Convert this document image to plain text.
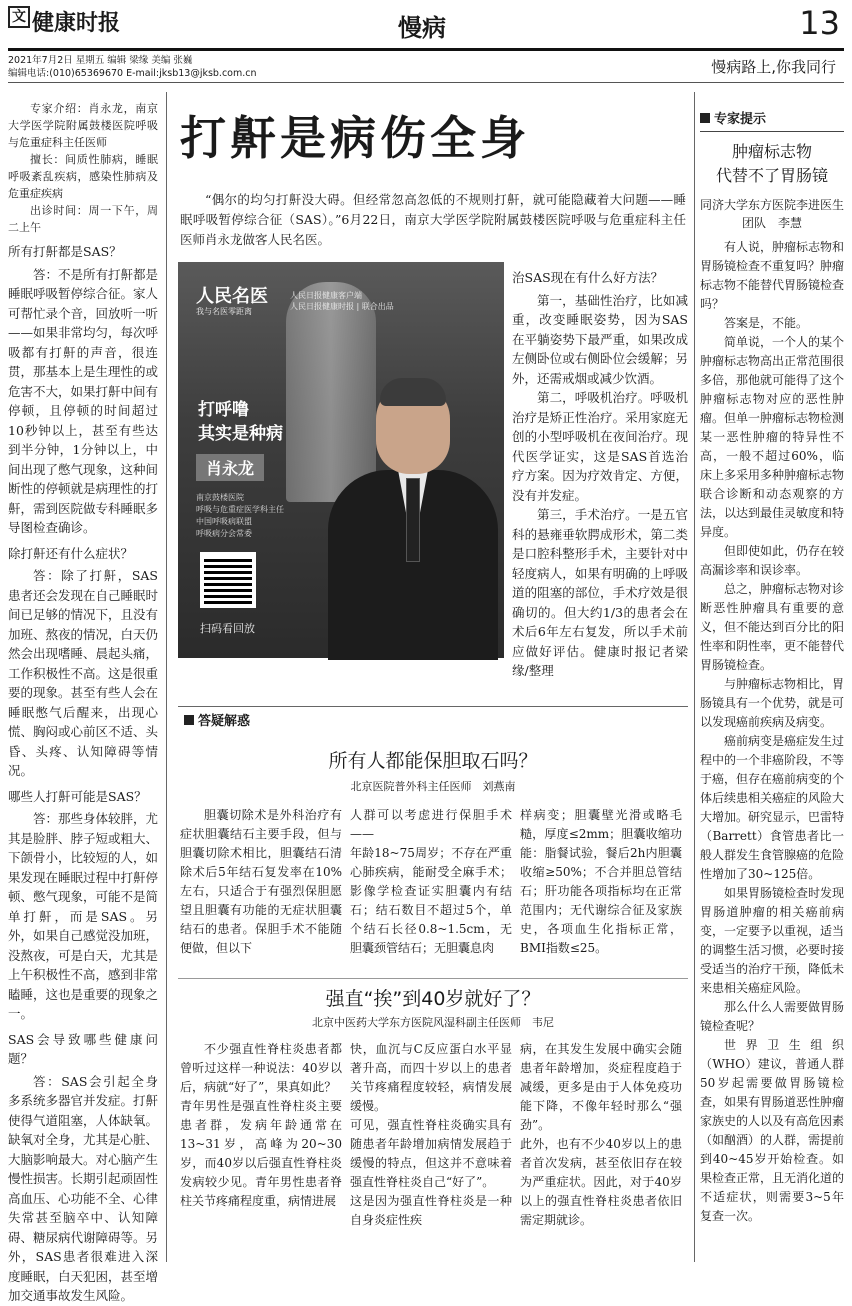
文 健康时报	慢病	13
2021年7月2日 星期五 编辑 梁缘 美编 张巍
编辑电话:(010)65369670 E-mail:jksb13@jksb.com.cn	慢病路上,你我同行

专家介绍：肖永龙，南京大学医学院附属鼓楼医院呼吸与危重症科主任医师

擅长：间质性肺病，睡眠呼吸紊乱疾病，感染性肺病及危重症疾病

出诊时间：周一下午，周二上午

所有打鼾都是SAS？

答：不是所有打鼾都是睡眠呼吸暂停综合征。家人可帮忙录个音，回放听一听——如果非常均匀，每次呼吸都有打鼾的声音，很连贯，那基本上是生理性的或危害不大，如果打鼾中间有停顿，且停顿的时间超过10秒钟以上，甚至有些达到半分钟，1分钟以上，中间出现了憋气现象，这种间断性的停顿就是病理性的打鼾，需到医院做专科睡眠多导图检查确诊。

除打鼾还有什么症状？

答：除了打鼾，SAS患者还会发现在自己睡眠时间已足够的情况下，且没有加班、熬夜的情况，白天仍然会出现嗜睡、晨起头痛，工作积极性不高。这是很重要的现象。甚至有些人会在睡眠憋气后醒来，出现心慌、胸闷或心前区不适、头昏、头疼、认知障碍等情况。

哪些人打鼾可能是SAS？

答：那些身体较胖，尤其是脸胖、脖子短或粗大、下颌骨小，比较短的人，如果发现在睡眠过程中打鼾停顿、憋气现象，可能不是简单打鼾，而是SAS。另外，如果自己感觉没加班，没熬夜，可是白天，尤其是上午积极性不高，感到非常瞌睡，这也是重要的现象之一。

SAS会导致哪些健康问题？

答：SAS会引起全身多系统多器官并发症。打鼾使得气道阻塞，人体缺氧。缺氧对全身，尤其是心脏、大脑影响最大。对心脑产生慢性损害。长期引起顽固性高血压、心功能不全、心律失常甚至脑卒中、认知障碍、糖尿病代谢障碍等。另外，SAS患者很难进入深度睡眠，白天犯困，甚至增加交通事故发生风险。

打鼾是病伤全身
“偶尔的均匀打鼾没大碍。但经常忽高忽低的不规则打鼾，就可能隐藏着大问题——睡眠呼吸暂停综合征（SAS）。”6月22日，南京大学医学院附属鼓楼医院呼吸与危重症科主任医师肖永龙做客人民名医。
人民名医
我与名医零距离
人民日报健康客户端
人民日报健康时报 | 联合出品
打呼噜
其实是种病
肖永龙
南京鼓楼医院
呼吸与危重症医学科主任
中国呼吸病联盟
呼吸病分会常委
扫码看回放

治SAS现在有什么好方法？

第一，基础性治疗，比如减重，改变睡眠姿势，因为SAS在平躺姿势下最严重，如果改成左侧卧位或右侧卧位会缓解；另外，还需戒烟或减少饮酒。

第二，呼吸机治疗。呼吸机治疗是矫正性治疗。采用家庭无创的小型呼吸机在夜间治疗。现代医学证实，这是SAS首选治疗方案。因为疗效肯定、方便，没有并发症。

第三，手术治疗。一是五官科的悬雍垂软腭成形术，第二类是口腔科整形手术，主要针对中轻度病人，如果有明确的上呼吸道的阻塞的部位，手术疗效是很确切的。但大约1/3的患者会在术后6年左右复发，所以手术前应做好评估。健康时报记者梁缘/整理

答疑解惑
所有人都能保胆取石吗？
北京医院普外科主任医师　刘燕南

胆囊切除术是外科治疗有症状胆囊结石主要手段，但与胆囊切除术相比，胆囊结石清除术后5年结石复发率在10%左右，只适合于有强烈保胆愿望且胆囊有功能的无症状胆囊结石的患者。保胆手术不能随便做，但以下

人群可以考虑进行保胆手术——
年龄18~75周岁；不存在严重心肺疾病，能耐受全麻手术；影像学检查证实胆囊内有结石；结石数目不超过5个，单个结石长径0.8~1.5cm，无胆囊颈管结石；无胆囊息肉

样病变；胆囊壁光滑或略毛糙，厚度≤2mm；胆囊收缩功能：脂餐试验，餐后2h内胆囊收缩≥50%；不合并胆总管结石；肝功能各项指标均在正常范围内；无代谢综合征及家族史，各项血生化指标正常，BMI指数≤25。

强直“挨”到40岁就好了？
北京中医药大学东方医院风湿科副主任医师　韦尼

不少强直性脊柱炎患者都曾听过这样一种说法：40岁以后，病就“好了”，果真如此？
青年男性是强直性脊柱炎主要患者群，发病年龄通常在13~31岁，高峰为20~30岁，而40岁以后强直性脊柱炎发病较少见。青年男性患者脊柱关节疼痛程度重，病情进展

快，血沉与C反应蛋白水平显著升高，而四十岁以上的患者关节疼痛程度较轻，病情发展缓慢。
可见，强直性脊柱炎确实具有随患者年龄增加病情发展趋于缓慢的特点，但这并不意味着强直性脊柱炎自己“好了”。
这是因为强直性脊柱炎是一种自身炎症性疾

病，在其发生发展中确实会随患者年龄增加，炎症程度趋于减缓，更多是由于人体免疫功能下降，不像年轻时那么“强劲”。
此外，也有不少40岁以上的患者首次发病，甚至依旧存在较为严重症状。因此，对于40岁以上的强直性脊柱炎患者依旧需定期就诊。

专家提示
肿瘤标志物
代替不了胃肠镜
同济大学东方医院李进医生团队　李慧

有人说，肿瘤标志物和胃肠镜检查不重复吗？肿瘤标志物不能替代胃肠镜检查吗？

答案是，不能。

简单说，一个人的某个肿瘤标志物高出正常范围很多倍，那他就可能得了这个肿瘤标志物对应的恶性肿瘤。但单一肿瘤标志物检测某一恶性肿瘤的特异性不高，一般不超过60%，临床上多采用多种肿瘤标志物联合诊断和动态观察的方法，以达到最佳灵敏度和特异度。

但即使如此，仍存在较高漏诊率和误诊率。

总之，肿瘤标志物对诊断恶性肿瘤具有重要的意义，但不能达到百分比的阳性率和阴性率，更不能替代胃肠镜检查。

与肿瘤标志物相比，胃肠镜具有一个优势，就是可以发现癌前疾病及病变。

癌前病变是癌症发生过程中的一个非癌阶段，不等于癌，但存在癌前病变的个体后续患相关癌症的风险大大增加。研究显示，巴雷特（Barrett）食管患者比一般人群发生食管腺癌的危险性增加了30~125倍。

如果胃肠镜检查时发现胃肠道肿瘤的相关癌前病变，一定要予以重视，适当的调整生活习惯，必要时接受适当的治疗干预，降低未来患相关癌症风险。

那么什么人需要做胃肠镜检查呢？

世界卫生组织（WHO）建议，普通人群50岁起需要做胃肠镜检查，如果有胃肠道恶性肿瘤家族史的人以及有高危因素（如酗酒）的人群，需提前到40~45岁开始检查。如果检查正常，且无消化道的不适症状，则需要3~5年复查一次。
